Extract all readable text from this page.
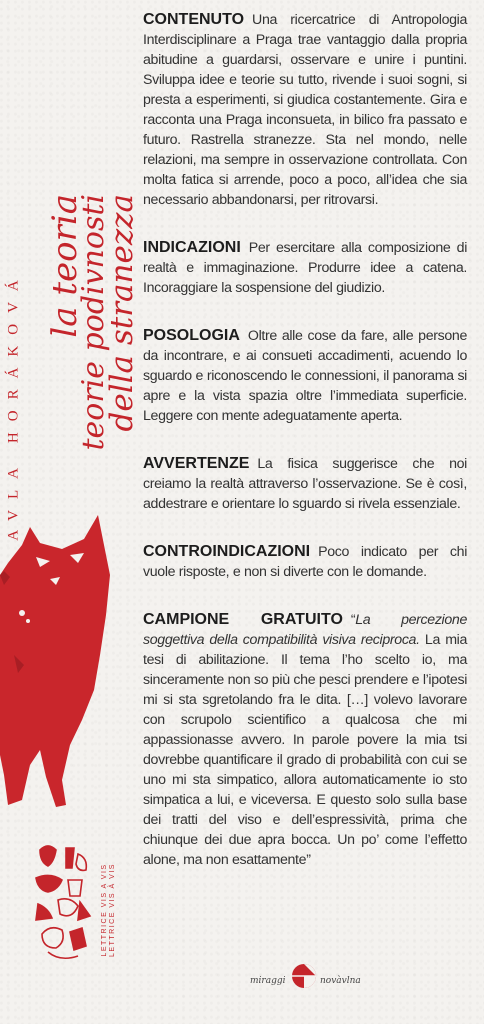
AVLA HORÁKOVÁ
la teoria
teorie podivnosti
della stranezza
LETTRICE VIS A VIS LETTRICE VIS À VIS

CONTENUTO Una ricercatrice di Antropologia Interdisciplinare a Praga trae vantaggio dalla propria abitudine a guardarsi, osservare e unire i puntini. Sviluppa idee e teorie su tutto, rivende i suoi sogni, si presta a esperimenti, si giudica costantemente. Gira e racconta una Praga inconsueta, in bilico fra passato e futuro. Rastrella stranezze. Sta nel mondo, nelle relazioni, ma sempre in osservazione controllata. Con molta fatica si arrende, poco a poco, all’idea che sia necessario abbandonarsi, per ritrovarsi.

INDICAZIONI Per esercitare alla composizione di realtà e immaginazione. Produrre idee a catena. Incoraggiare la sospensione del giudizio.

POSOLOGIA Oltre alle cose da fare, alle persone da incontrare, e ai consueti accadimenti, acuendo lo sguardo e riconoscendo le connessioni, il panorama si apre e la vista spazia oltre l’immediata superficie. Leggere con mente adeguatamente aperta.

AVVERTENZE La fisica suggerisce che noi creiamo la realtà attraverso l’osservazione. Se è così, addestrare e orientare lo sguardo si rivela essenziale.

CONTROINDICAZIONI Poco indicato per chi vuole risposte, e non si diverte con le domande.

CAMPIONE GRATUITO “La percezione soggettiva della compatibilità visiva reciproca. La mia tesi di abilitazione. Il tema l’ho scelto io, ma sinceramente non so più che pesci prendere e l’ipotesi mi si sta sgretolando fra le dita. […] volevo lavorare con scrupolo scientifico a qualcosa che mi appassionasse avvero. In parole povere la mia tsi dovrebbe quantificare il grado di probabilità con cui se uno mi sta simpatico, allora automaticamente io sto simpatica a lui, e viceversa. E questo solo sulla base dei tratti del viso e dell’espressività, prima che chiunque dei due apra bocca. Un po’ come l’effetto alone, ma non esattamente”

miraggi	novàvlna
